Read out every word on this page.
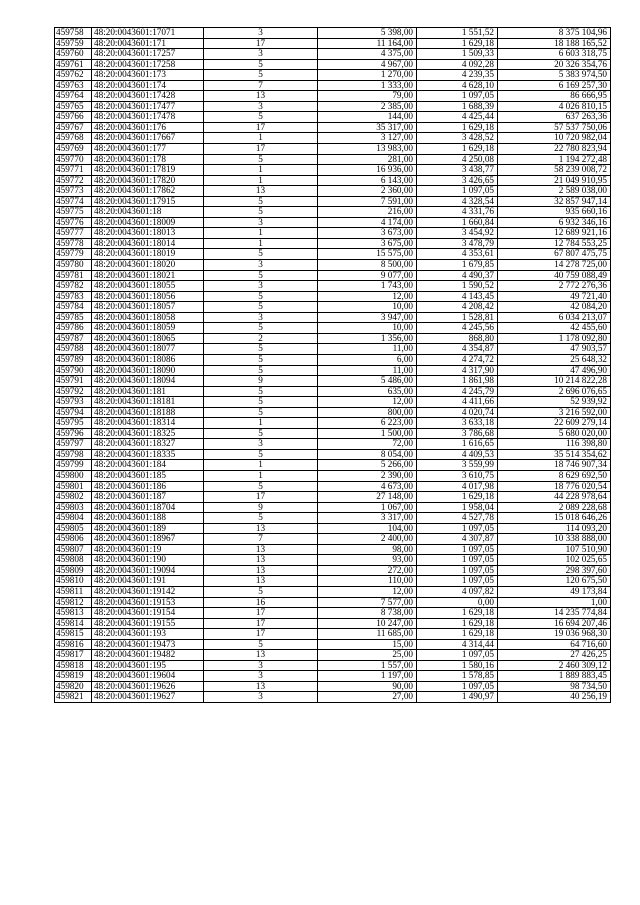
459758	48:20:0043601:17071	3	5 398,00	1 551,52	8 375 104,96
459759	48:20:0043601:171	17	11 164,00	1 629,18	18 188 165,52
459760	48:20:0043601:17257	3	4 375,00	1 509,33	6 603 318,75
459761	48:20:0043601:17258	5	4 967,00	4 092,28	20 326 354,76
459762	48:20:0043601:173	5	1 270,00	4 239,35	5 383 974,50
459763	48:20:0043601:174	7	1 333,00	4 628,10	6 169 257,30
459764	48:20:0043601:17428	13	79,00	1 097,05	86 666,95
459765	48:20:0043601:17477	3	2 385,00	1 688,39	4 026 810,15
459766	48:20:0043601:17478	5	144,00	4 425,44	637 263,36
459767	48:20:0043601:176	17	35 317,00	1 629,18	57 537 750,06
459768	48:20:0043601:17667	1	3 127,00	3 428,52	10 720 982,04
459769	48:20:0043601:177	17	13 983,00	1 629,18	22 780 823,94
459770	48:20:0043601:178	5	281,00	4 250,08	1 194 272,48
459771	48:20:0043601:17819	1	16 936,00	3 438,77	58 239 008,72
459772	48:20:0043601:17820	1	6 143,00	3 426,65	21 049 910,95
459773	48:20:0043601:17862	13	2 360,00	1 097,05	2 589 038,00
459774	48:20:0043601:17915	5	7 591,00	4 328,54	32 857 947,14
459775	48:20:0043601:18	5	216,00	4 331,76	935 660,16
459776	48:20:0043601:18009	3	4 174,00	1 660,84	6 932 346,16
459777	48:20:0043601:18013	1	3 673,00	3 454,92	12 689 921,16
459778	48:20:0043601:18014	1	3 675,00	3 478,79	12 784 553,25
459779	48:20:0043601:18019	5	15 575,00	4 353,61	67 807 475,75
459780	48:20:0043601:18020	3	8 500,00	1 679,85	14 278 725,00
459781	48:20:0043601:18021	5	9 077,00	4 490,37	40 759 088,49
459782	48:20:0043601:18055	3	1 743,00	1 590,52	2 772 276,36
459783	48:20:0043601:18056	5	12,00	4 143,45	49 721,40
459784	48:20:0043601:18057	5	10,00	4 208,42	42 084,20
459785	48:20:0043601:18058	3	3 947,00	1 528,81	6 034 213,07
459786	48:20:0043601:18059	5	10,00	4 245,56	42 455,60
459787	48:20:0043601:18065	2	1 356,00	868,80	1 178 092,80
459788	48:20:0043601:18077	5	11,00	4 354,87	47 903,57
459789	48:20:0043601:18086	5	6,00	4 274,72	25 648,32
459790	48:20:0043601:18090	5	11,00	4 317,90	47 496,90
459791	48:20:0043601:18094	9	5 486,00	1 861,98	10 214 822,28
459792	48:20:0043601:181	5	635,00	4 245,79	2 696 076,65
459793	48:20:0043601:18181	5	12,00	4 411,66	52 939,92
459794	48:20:0043601:18188	5	800,00	4 020,74	3 216 592,00
459795	48:20:0043601:18314	1	6 223,00	3 633,18	22 609 279,14
459796	48:20:0043601:18325	5	1 500,00	3 786,68	5 680 020,00
459797	48:20:0043601:18327	3	72,00	1 616,65	116 398,80
459798	48:20:0043601:18335	5	8 054,00	4 409,53	35 514 354,62
459799	48:20:0043601:184	1	5 266,00	3 559,99	18 746 907,34
459800	48:20:0043601:185	1	2 390,00	3 610,75	8 629 692,50
459801	48:20:0043601:186	5	4 673,00	4 017,98	18 776 020,54
459802	48:20:0043601:187	17	27 148,00	1 629,18	44 228 978,64
459803	48:20:0043601:18704	9	1 067,00	1 958,04	2 089 228,68
459804	48:20:0043601:188	5	3 317,00	4 527,78	15 018 646,26
459805	48:20:0043601:189	13	104,00	1 097,05	114 093,20
459806	48:20:0043601:18967	7	2 400,00	4 307,87	10 338 888,00
459807	48:20:0043601:19	13	98,00	1 097,05	107 510,90
459808	48:20:0043601:190	13	93,00	1 097,05	102 025,65
459809	48:20:0043601:19094	13	272,00	1 097,05	298 397,60
459810	48:20:0043601:191	13	110,00	1 097,05	120 675,50
459811	48:20:0043601:19142	5	12,00	4 097,82	49 173,84
459812	48:20:0043601:19153	16	7 577,00	0,00	1,00
459813	48:20:0043601:19154	17	8 738,00	1 629,18	14 235 774,84
459814	48:20:0043601:19155	17	10 247,00	1 629,18	16 694 207,46
459815	48:20:0043601:193	17	11 685,00	1 629,18	19 036 968,30
459816	48:20:0043601:19473	5	15,00	4 314,44	64 716,60
459817	48:20:0043601:19482	13	25,00	1 097,05	27 426,25
459818	48:20:0043601:195	3	1 557,00	1 580,16	2 460 309,12
459819	48:20:0043601:19604	3	1 197,00	1 578,85	1 889 883,45
459820	48:20:0043601:19626	13	90,00	1 097,05	98 734,50
459821	48:20:0043601:19627	3	27,00	1 490,97	40 256,19
